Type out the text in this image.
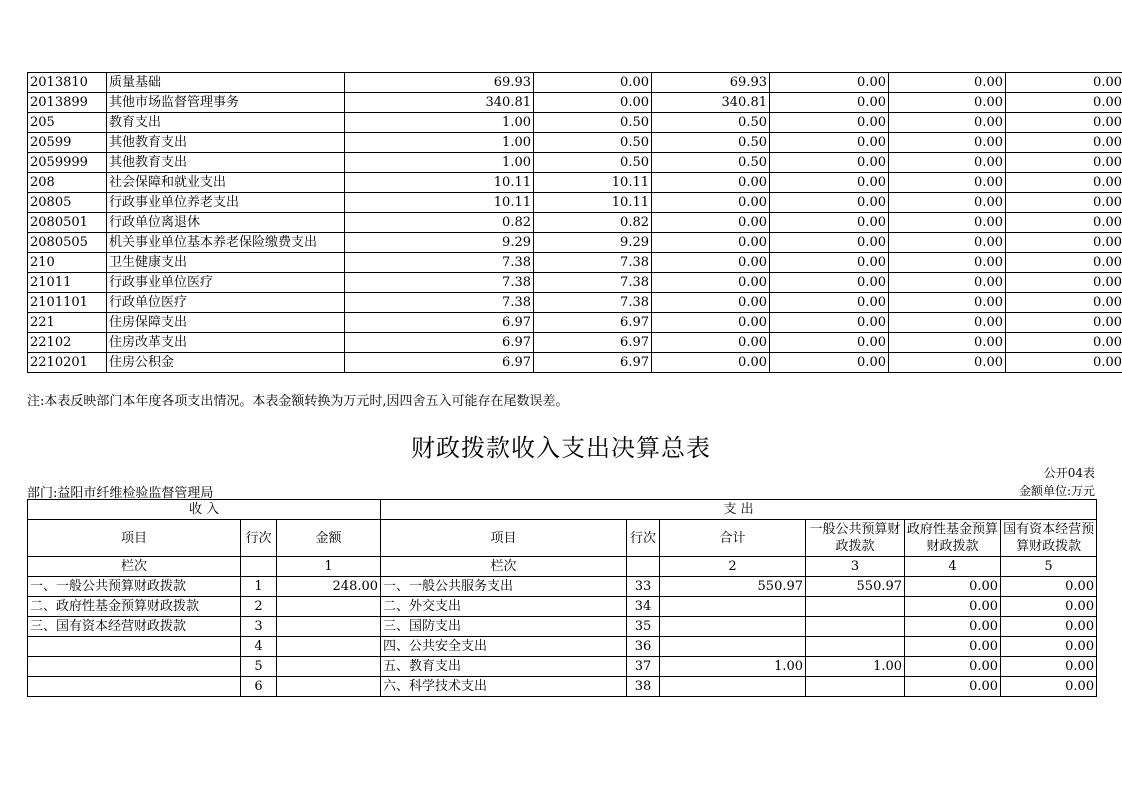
2013810	质量基础	69.93	0.00	69.93	0.00	0.00	0.00
2013899	其他市场监督管理事务	340.81	0.00	340.81	0.00	0.00	0.00
205	教育支出	1.00	0.50	0.50	0.00	0.00	0.00
20599	其他教育支出	1.00	0.50	0.50	0.00	0.00	0.00
2059999	其他教育支出	1.00	0.50	0.50	0.00	0.00	0.00
208	社会保障和就业支出	10.11	10.11	0.00	0.00	0.00	0.00
20805	行政事业单位养老支出	10.11	10.11	0.00	0.00	0.00	0.00
2080501	行政单位离退休	0.82	0.82	0.00	0.00	0.00	0.00
2080505	机关事业单位基本养老保险缴费支出	9.29	9.29	0.00	0.00	0.00	0.00
210	卫生健康支出	7.38	7.38	0.00	0.00	0.00	0.00
21011	行政事业单位医疗	7.38	7.38	0.00	0.00	0.00	0.00
2101101	行政单位医疗	7.38	7.38	0.00	0.00	0.00	0.00
221	住房保障支出	6.97	6.97	0.00	0.00	0.00	0.00
22102	住房改革支出	6.97	6.97	0.00	0.00	0.00	0.00
2210201	住房公积金	6.97	6.97	0.00	0.00	0.00	0.00
注:本表反映部门本年度各项支出情况。本表金额转换为万元时,因四舍五入可能存在尾数误差。
财政拨款收入支出决算总表
公开04表
部门:益阳市纤维检验监督管理局	金额单位:万元
收 入			支 出					
项目	行次	金额	项目	行次	合计	一般公共预算财政拨款	政府性基金预算财政拨款	国有资本经营预算财政拨款
栏次		1	栏次		2	3	4	5
一、一般公共预算财政拨款	1	248.00	一、一般公共服务支出	33	550.97	550.97	0.00	0.00
二、政府性基金预算财政拨款	2		二、外交支出	34			0.00	0.00
三、国有资本经营财政拨款	3		三、国防支出	35			0.00	0.00
	4		四、公共安全支出	36			0.00	0.00
	5		五、教育支出	37	1.00	1.00	0.00	0.00
	6		六、科学技术支出	38			0.00	0.00
